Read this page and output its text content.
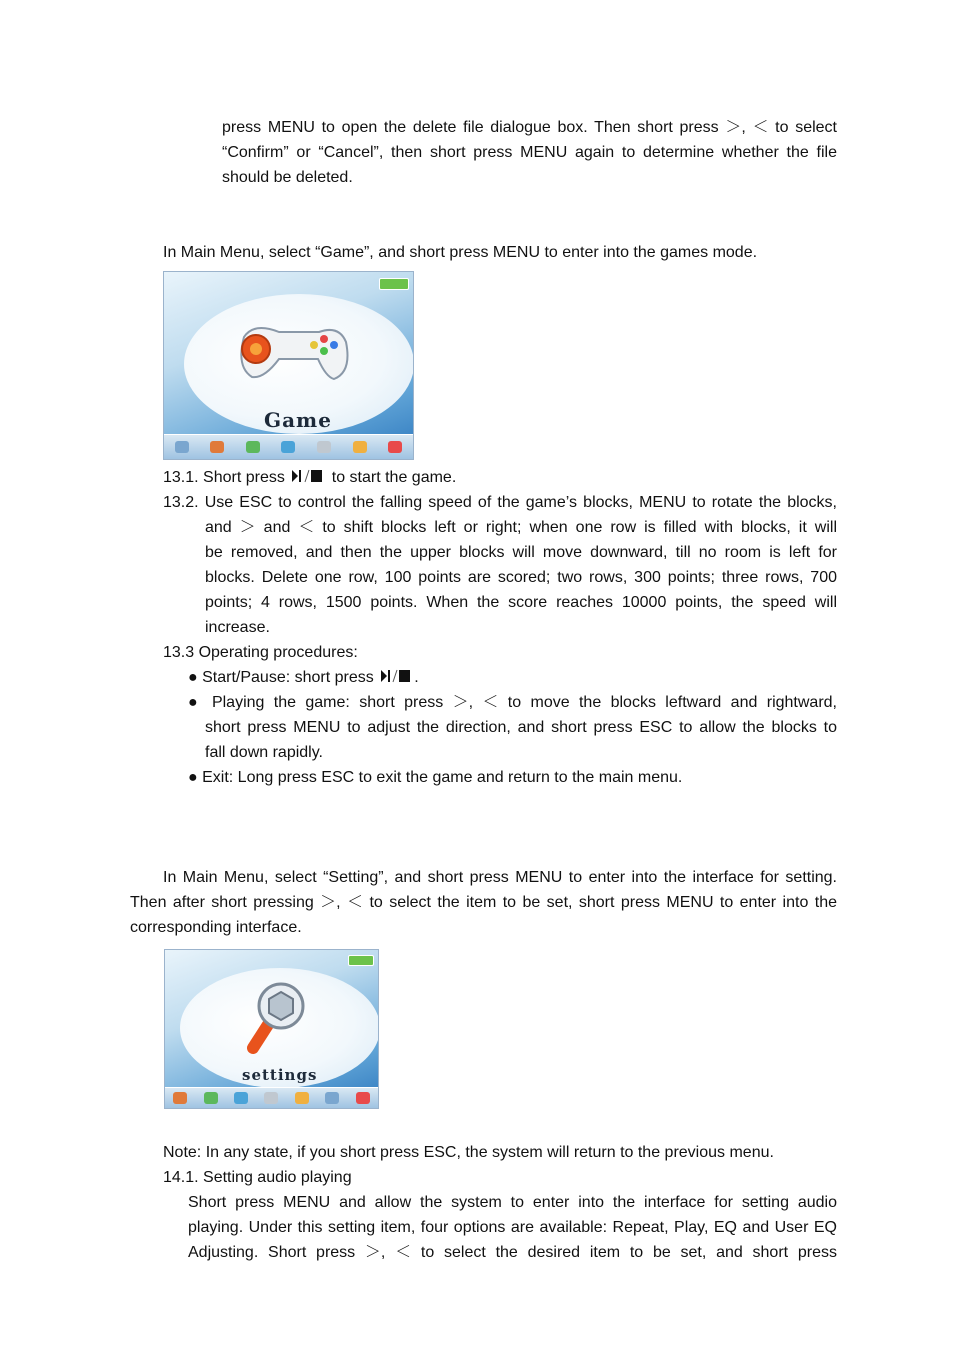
press MENU to open the delete file dialogue box. Then short press ＞, ＜ to select
“Confirm” or “Cancel”, then short press MENU again to determine whether the file
should be deleted.
In Main Menu, select “Game”, and short press MENU to enter into the games mode.
Game
13.1. Short press	to start the game.
13.2. Use ESC to control the falling speed of the game’s blocks, MENU to rotate the blocks,
and ＞ and ＜ to shift blocks left or right; when one row is filled with blocks, it will
be removed, and then the upper blocks will move downward, till no room is left for
blocks. Delete one row, 100 points are scored; two rows, 300 points; three rows, 700
points; 4 rows, 1500 points. When the score reaches 10000 points, the speed will
increase.
13.3 Operating procedures:
● Start/Pause: short press	.
● Playing the game: short press ＞, ＜ to move the blocks leftward and rightward,
short press MENU to adjust the direction, and short press ESC to allow the blocks to
fall down rapidly.
● Exit: Long press ESC to exit the game and return to the main menu.
In Main Menu, select “Setting”, and short press MENU to enter into the interface for setting.
Then after short pressing ＞, ＜ to select the item to be set, short press MENU to enter into the
corresponding interface.
settings
Note: In any state, if you short press ESC, the system will return to the previous menu.
14.1. Setting audio playing
Short press MENU and allow the system to enter into the interface for setting audio
playing. Under this setting item, four options are available: Repeat, Play, EQ and User EQ
Adjusting. Short press ＞, ＜ to select the desired item to be set, and short press
